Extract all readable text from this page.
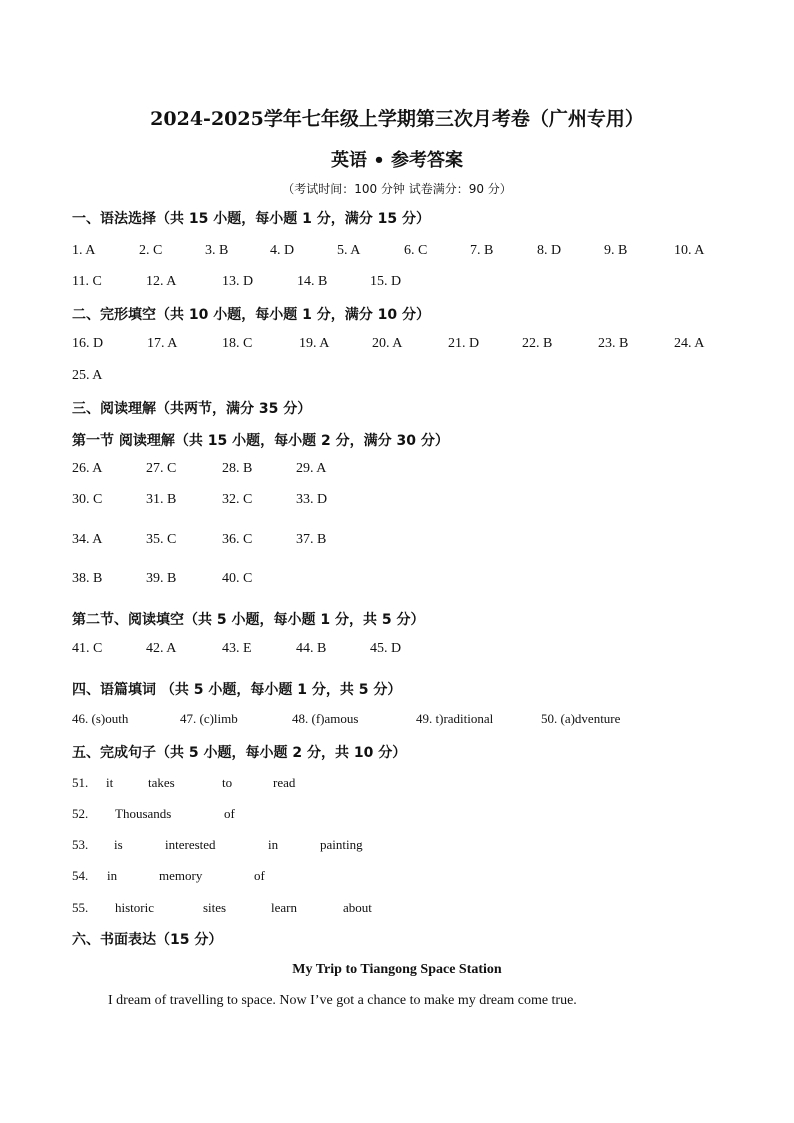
2024-2025学年七年级上学期第三次月考卷（广州专用）
英语 • 参考答案
（考试时间：100 分钟 试卷满分：90 分）
一、语法选择（共 15 小题，每小题 1 分，满分 15 分）
1. A	2. C	3. B	4. D	5. A	6. C	7. B	8. D	9. B	10. A
11. C	12. A	13. D	14. B	15. D
二、完形填空（共 10 小题，每小题 1 分，满分 10 分）
16. D	17. A	18. C	19. A	20. A	21. D	22. B	23. B	24. A
25. A
三、阅读理解（共两节，满分 35 分）
第一节 阅读理解（共 15 小题，每小题 2 分，满分 30 分）
26. A	27. C	28. B	29. A
30. C	31. B	32. C	33. D
34. A	35. C	36. C	37. B
38. B	39. B	40. C
第二节、阅读填空（共 5 小题，每小题 1 分，共 5 分）
41. C	42. A	43. E	44. B	45. D
四、语篇填词 （共 5 小题，每小题 1 分，共 5 分）
46. (s)outh	47. (c)limb	48. (f)amous	49. t)raditional	50. (a)dventure
五、完成句子（共 5 小题，每小题 2 分，共 10 分）
51. it	takes	to	read
52. Thousands	of
53. is	interested	in	painting
54. in	memory	of
55. historic	sites	learn	about
六、书面表达（15 分）
My Trip to Tiangong Space Station
I dream of travelling to space. Now I’ve got a chance to make my dream come true.
